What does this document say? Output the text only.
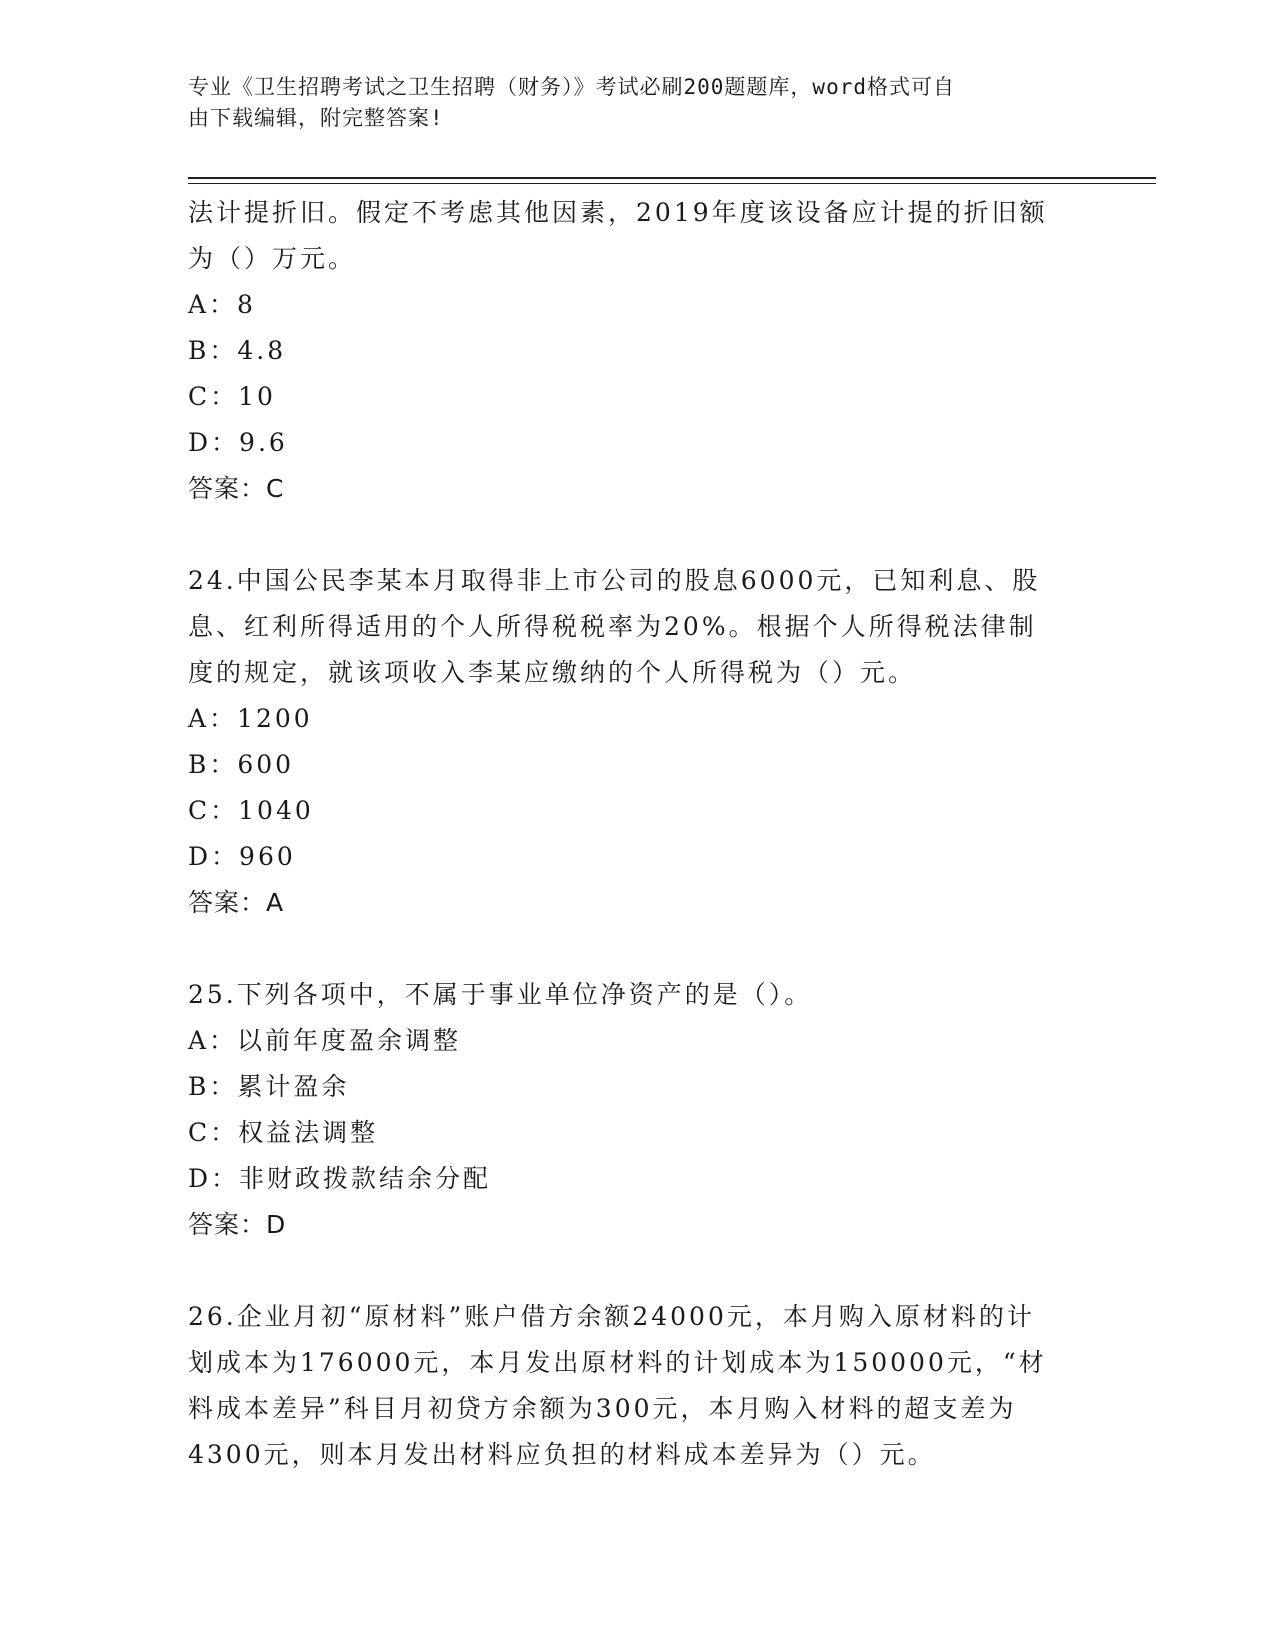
专业《卫生招聘考试之卫生招聘（财务）》考试必刷200题题库，word格式可自
由下载编辑，附完整答案!
法计提折旧。假定不考虑其他因素，2019年度该设备应计提的折旧额
为（）万元。
A：8
B：4.8
C：10
D：9.6
答案：C
24.中国公民李某本月取得非上市公司的股息6000元，已知利息、股
息、红利所得适用的个人所得税税率为20%。根据个人所得税法律制
度的规定，就该项收入李某应缴纳的个人所得税为（）元。
A：1200
B：600
C：1040
D：960
答案：A
25.下列各项中，不属于事业单位净资产的是（）。
A：以前年度盈余调整
B：累计盈余
C：权益法调整
D：非财政拨款结余分配
答案：D
26.企业月初“原材料”账户借方余额24000元，本月购入原材料的计
划成本为176000元，本月发出原材料的计划成本为150000元，“材
料成本差异”科目月初贷方余额为300元，本月购入材料的超支差为
4300元，则本月发出材料应负担的材料成本差异为（）元。
